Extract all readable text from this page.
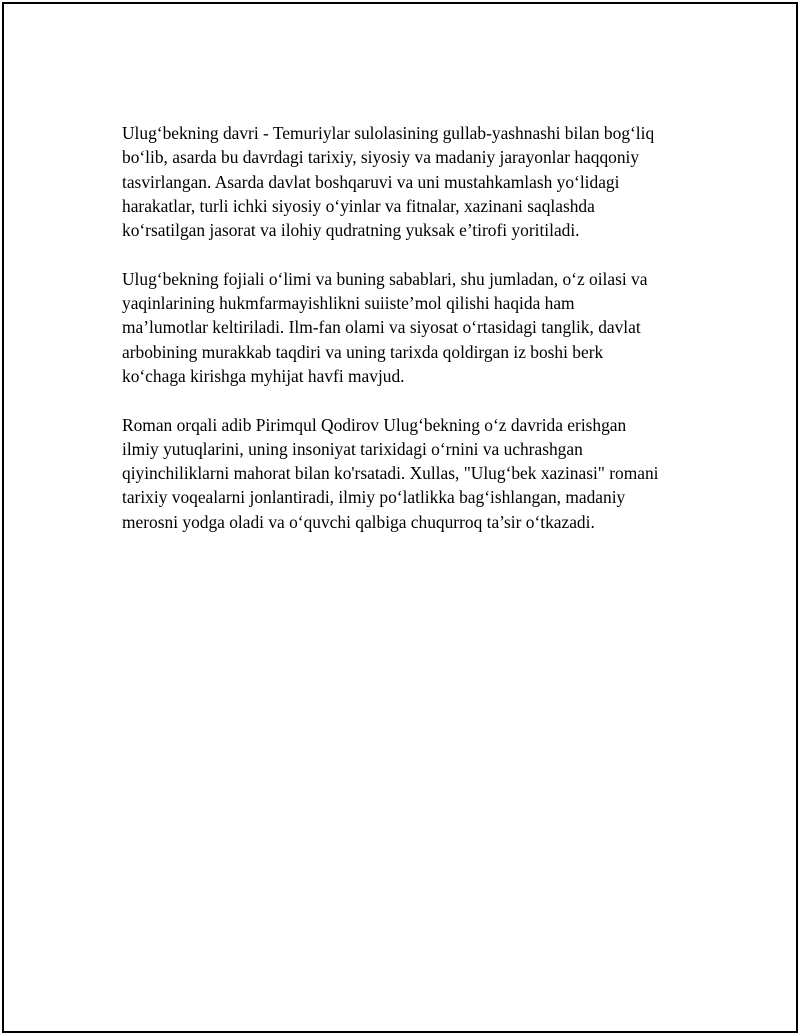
Ulug‘bekning davri - Temuriylar sulolasining gullab-yashnashi bilan bog‘liq
bo‘lib, asarda bu davrdagi tarixiy, siyosiy va madaniy jarayonlar haqqoniy
tasvirlangan. Asarda davlat boshqaruvi va uni mustahkamlash yo‘lidagi
harakatlar, turli ichki siyosiy o‘yinlar va fitnalar, xazinani saqlashda
ko‘rsatilgan jasorat va ilohiy qudratning yuksak e’tirofi yoritiladi.

Ulug‘bekning fojiali o‘limi va buning sabablari, shu jumladan, o‘z oilasi va
yaqinlarining hukmfarmayishlikni suiiste’mol qilishi haqida ham
ma’lumotlar keltiriladi. Ilm-fan olami va siyosat o‘rtasidagi tanglik, davlat
arbobining murakkab taqdiri va uning tarixda qoldirgan iz boshi berk
ko‘chaga kirishga myhijat havfi mavjud.

Roman orqali adib Pirimqul Qodirov Ulug‘bekning o‘z davrida erishgan
ilmiy yutuqlarini, uning insoniyat tarixidagi o‘rnini va uchrashgan
qiyinchiliklarni mahorat bilan ko'rsatadi. Xullas, "Ulug‘bek xazinasi" romani
tarixiy voqealarni jonlantiradi, ilmiy po‘latlikka bag‘ishlangan, madaniy
merosni yodga oladi va o‘quvchi qalbiga chuqurroq ta’sir o‘tkazadi.
